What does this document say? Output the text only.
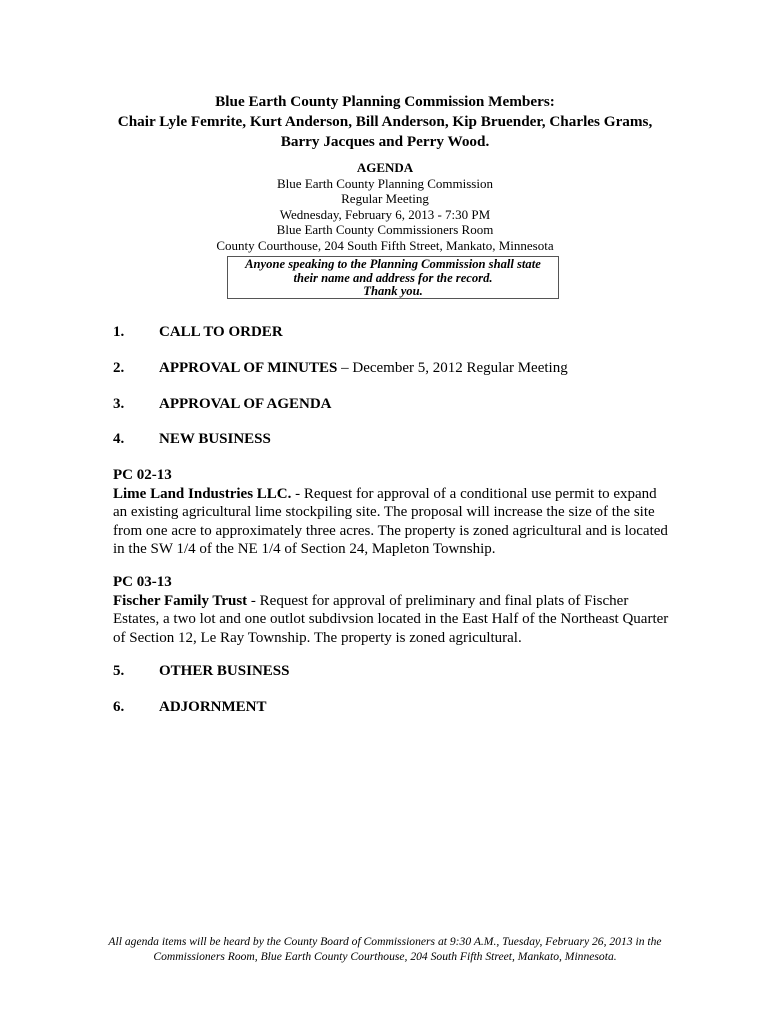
Blue Earth County Planning Commission Members:
Chair Lyle Femrite, Kurt Anderson, Bill Anderson, Kip Bruender, Charles Grams,
Barry Jacques and Perry Wood.
AGENDA
Blue Earth County Planning Commission
Regular Meeting
Wednesday, February 6, 2013 - 7:30 PM
Blue Earth County Commissioners Room
County Courthouse, 204 South Fifth Street, Mankato, Minnesota
Anyone speaking to the Planning Commission shall state
their name and address for the record.
Thank you.
1. CALL TO ORDER
2. APPROVAL OF MINUTES – December 5, 2012 Regular Meeting
3. APPROVAL OF AGENDA
4. NEW BUSINESS
PC 02-13
Lime Land Industries LLC. - Request for approval of a conditional use permit to expand an existing agricultural lime stockpiling site. The proposal will increase the size of the site from one acre to approximately three acres. The property is zoned agricultural and is located in the SW 1/4 of the NE 1/4 of Section 24, Mapleton Township.
PC 03-13
Fischer Family Trust - Request for approval of preliminary and final plats of Fischer Estates, a two lot and one outlot subdivsion located in the East Half of the Northeast Quarter of Section 12, Le Ray Township. The property is zoned agricultural.
5. OTHER BUSINESS
6. ADJORNMENT
All agenda items will be heard by the County Board of Commissioners at 9:30 A.M., Tuesday, February 26, 2013 in the Commissioners Room, Blue Earth County Courthouse, 204 South Fifth Street, Mankato, Minnesota.
